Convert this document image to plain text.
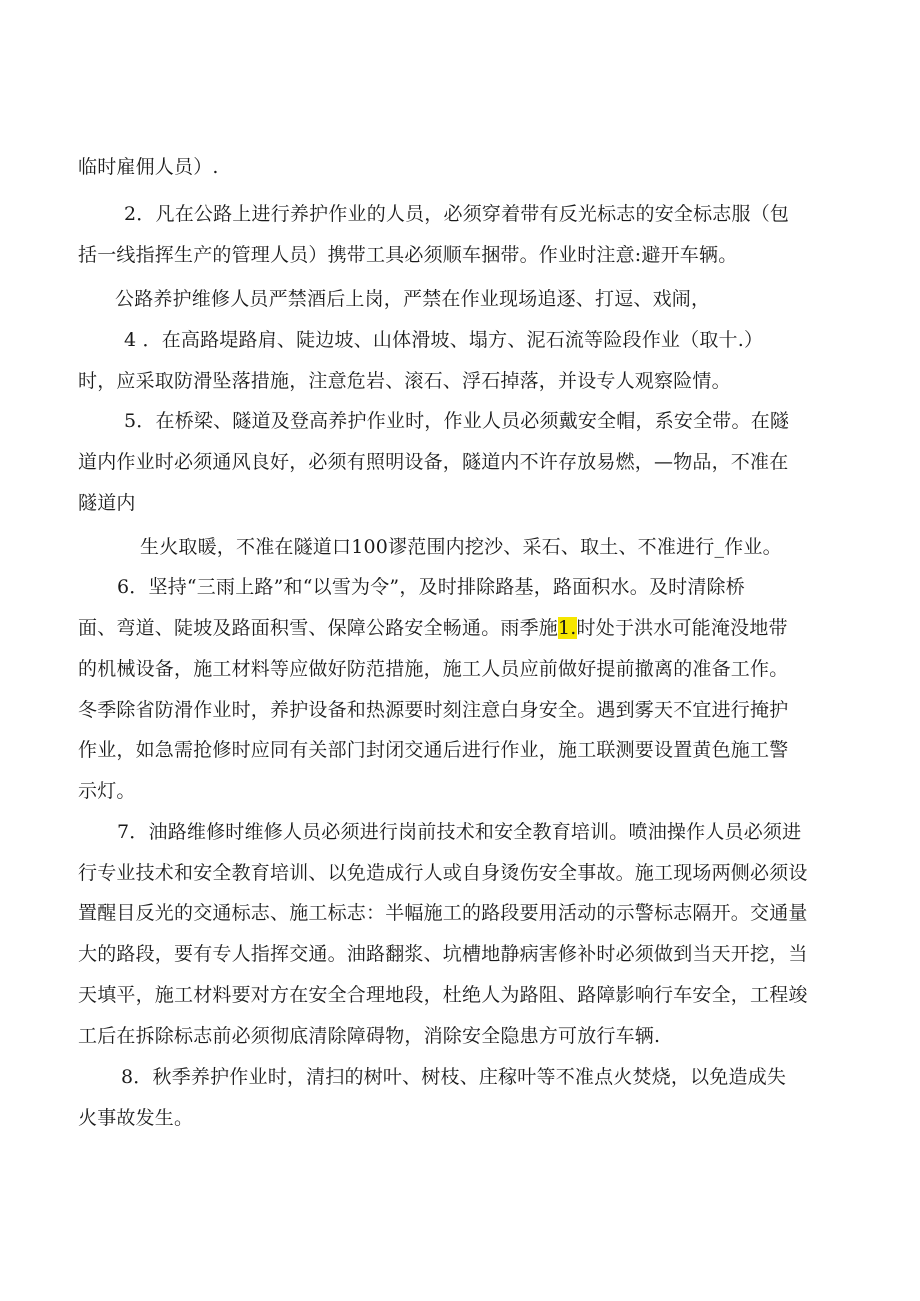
临时雇佣人员）.
2．凡在公路上进行养护作业的人员，必须穿着带有反光标志的安全标志服（包
括一线指挥生产的管理人员）携带工具必须顺车捆带。作业时注意:避开车辆。
公路养护维修人员严禁酒后上岗，严禁在作业现场追逐、打逗、戏闹，
4 ．在高路堤路肩、陡边坡、山体滑坡、塌方、泥石流等险段作业（取十.）
时，应采取防滑坠落措施，注意危岩、滚石、浮石掉落，并设专人观察险情。
5．在桥梁、隧道及登高养护作业时，作业人员必须戴安全帽，系安全带。在隧
道内作业时必须通风良好，必须有照明设备，隧道内不许存放易燃，—物品，不准在
隧道内
生火取暖，不准在隧道口100谬范围内挖沙、采石、取土、不准进行_作业。
6．坚持“三雨上路”和“以雪为令”，及时排除路基，路面积水。及时清除桥
面、弯道、陡坡及路面积雪、保障公路安全畅通。雨季施1.时处于洪水可能淹没地带
的机械设备，施工材料等应做好防范措施，施工人员应前做好提前撤离的准备工作。
冬季除省防滑作业时，养护设备和热源要时刻注意白身安全。遇到雾天不宜进行掩护
作业，如急需抢修时应同有关部门封闭交通后进行作业，施工联测要设置黄色施工警
示灯。
7．油路维修时维修人员必须进行岗前技术和安全教育培训。喷油操作人员必须进
行专业技术和安全教育培训、以免造成行人或自身烫伤安全事故。施工现场两侧必须设
置醒目反光的交通标志、施工标志：半幅施工的路段要用活动的示警标志隔开。交通量
大的路段，要有专人指挥交通。油路翻浆、坑槽地静病害修补时必须做到当天开挖，当
天填平，施工材料要对方在安全合理地段，杜绝人为路阻、路障影响行车安全，工程竣
工后在拆除标志前必须彻底清除障碍物，消除安全隐患方可放行车辆.
8．秋季养护作业时，清扫的树叶、树枝、庄稼叶等不准点火焚烧，以免造成失
火事故发生。
